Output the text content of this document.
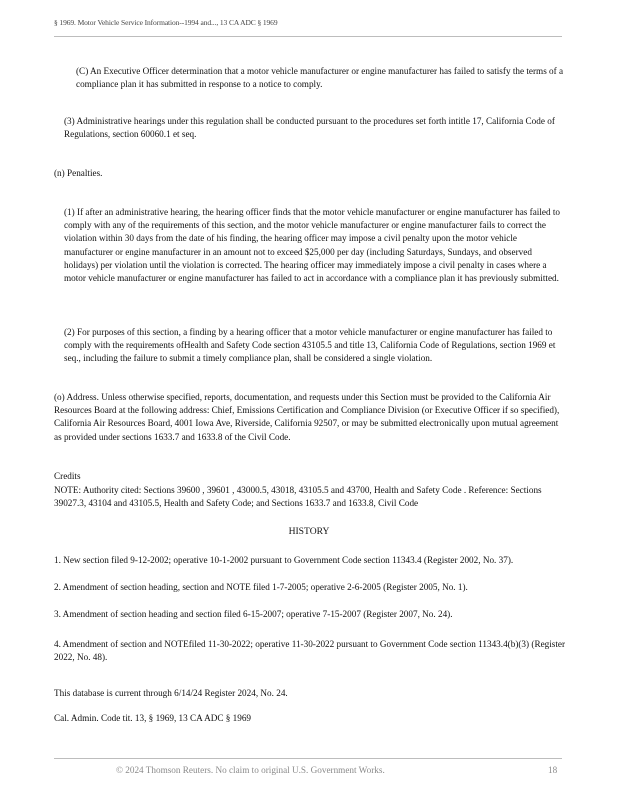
§ 1969. Motor Vehicle Service Information--1994 and..., 13 CA ADC § 1969

(C) An Executive Officer determination that a motor vehicle manufacturer or engine manufacturer has failed to satisfy the terms of a compliance plan it has submitted in response to a notice to comply.

(3) Administrative hearings under this regulation shall be conducted pursuant to the procedures set forth intitle 17, California Code of Regulations, section 60060.1 et seq.

(n) Penalties.

(1) If after an administrative hearing, the hearing officer finds that the motor vehicle manufacturer or engine manufacturer has failed to comply with any of the requirements of this section, and the motor vehicle manufacturer or engine manufacturer fails to correct the violation within 30 days from the date of his finding, the hearing officer may impose a civil penalty upon the motor vehicle manufacturer or engine manufacturer in an amount not to exceed $25,000 per day (including Saturdays, Sundays, and observed holidays) per violation until the violation is corrected. The hearing officer may immediately impose a civil penalty in cases where a motor vehicle manufacturer or engine manufacturer has failed to act in accordance with a compliance plan it has previously submitted.

(2) For purposes of this section, a finding by a hearing officer that a motor vehicle manufacturer or engine manufacturer has failed to comply with the requirements ofHealth and Safety Code section 43105.5 and title 13, California Code of Regulations, section 1969 et seq., including the failure to submit a timely compliance plan, shall be considered a single violation.

(o) Address. Unless otherwise specified, reports, documentation, and requests under this Section must be provided to the California Air Resources Board at the following address: Chief, Emissions Certification and Compliance Division (or Executive Officer if so specified), California Air Resources Board, 4001 Iowa Ave, Riverside, California 92507, or may be submitted electronically upon mutual agreement as provided under sections 1633.7 and 1633.8 of the Civil Code.

Credits

NOTE: Authority cited: Sections 39600 , 39601 , 43000.5, 43018, 43105.5 and 43700, Health and Safety Code . Reference: Sections 39027.3, 43104 and 43105.5, Health and Safety Code; and Sections 1633.7 and 1633.8, Civil Code

HISTORY

1. New section filed 9-12-2002; operative 10-1-2002 pursuant to Government Code section 11343.4 (Register 2002, No. 37).

2. Amendment of section heading, section and NOTE filed 1-7-2005; operative 2-6-2005 (Register 2005, No. 1).

3. Amendment of section heading and section filed 6-15-2007; operative 7-15-2007 (Register 2007, No. 24).

4. Amendment of section and NOTEfiled 11-30-2022; operative 11-30-2022 pursuant to Government Code section 11343.4(b)(3) (Register 2022, No. 48).

This database is current through 6/14/24 Register 2024, No. 24.

Cal. Admin. Code tit. 13, § 1969, 13 CA ADC § 1969

© 2024 Thomson Reuters. No claim to original U.S. Government Works.	18
